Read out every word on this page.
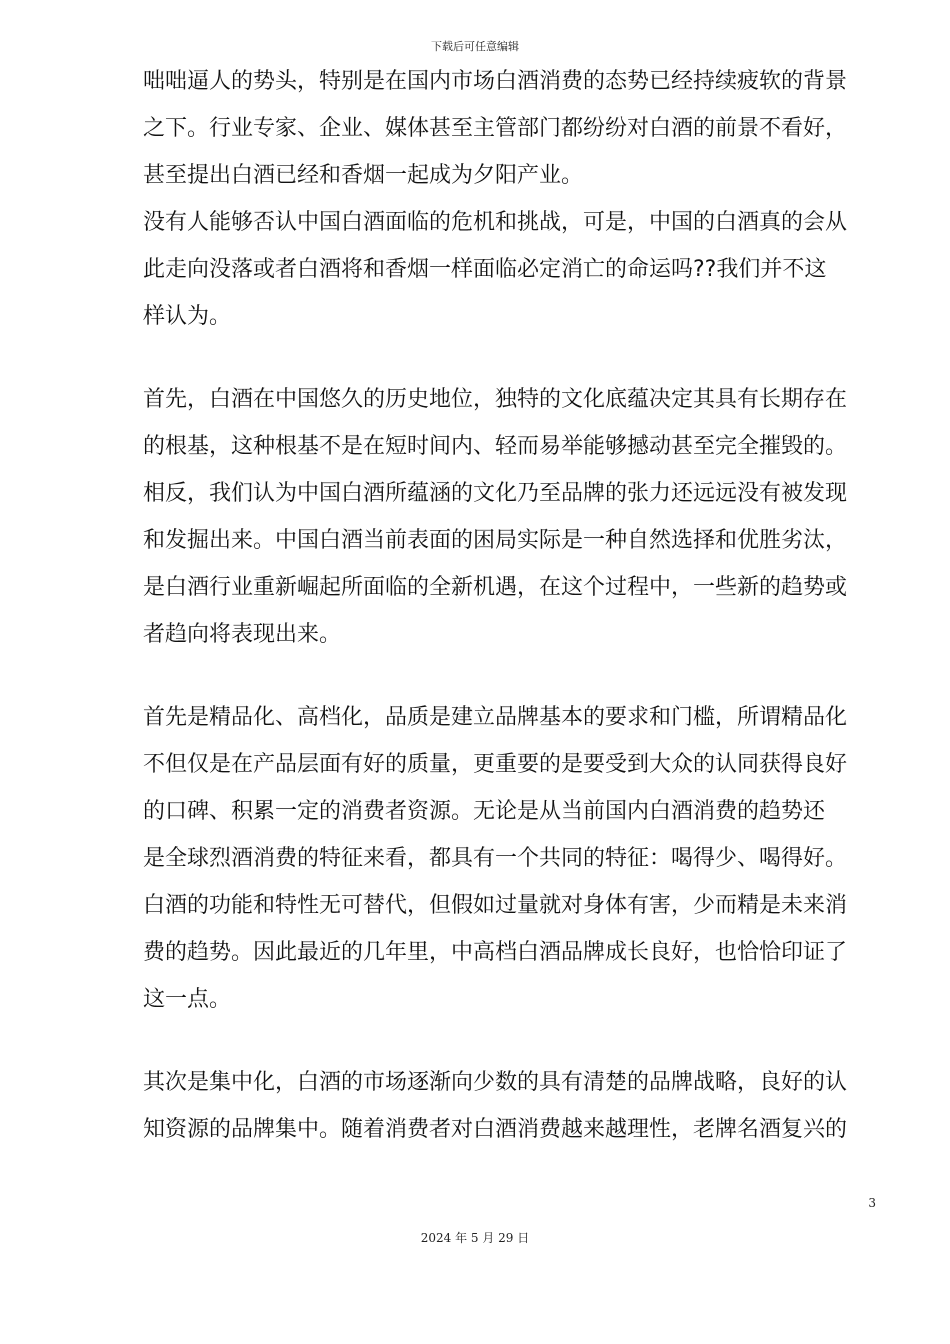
下载后可任意编辑
咄咄逼人的势头，特别是在国内市场白酒消费的态势已经持续疲软的背景
之下。行业专家、企业、媒体甚至主管部门都纷纷对白酒的前景不看好，
甚至提出白酒已经和香烟一起成为夕阳产业。
没有人能够否认中国白酒面临的危机和挑战，可是，中国的白酒真的会从
此走向没落或者白酒将和香烟一样面临必定消亡的命运吗??我们并不这
样认为。
首先，白酒在中国悠久的历史地位，独特的文化底蕴决定其具有长期存在
的根基，这种根基不是在短时间内、轻而易举能够撼动甚至完全摧毁的。
相反，我们认为中国白酒所蕴涵的文化乃至品牌的张力还远远没有被发现
和发掘出来。中国白酒当前表面的困局实际是一种自然选择和优胜劣汰，
是白酒行业重新崛起所面临的全新机遇，在这个过程中，一些新的趋势或
者趋向将表现出来。
首先是精品化、高档化，品质是建立品牌基本的要求和门槛，所谓精品化
不但仅是在产品层面有好的质量，更重要的是要受到大众的认同获得良好
的口碑、积累一定的消费者资源。无论是从当前国内白酒消费的趋势还
是全球烈酒消费的特征来看，都具有一个共同的特征：喝得少、喝得好。
白酒的功能和特性无可替代，但假如过量就对身体有害，少而精是未来消
费的趋势。因此最近的几年里，中高档白酒品牌成长良好，也恰恰印证了
这一点。
其次是集中化，白酒的市场逐渐向少数的具有清楚的品牌战略，良好的认
知资源的品牌集中。随着消费者对白酒消费越来越理性，老牌名酒复兴的
3
2024 年 5 月 29 日
